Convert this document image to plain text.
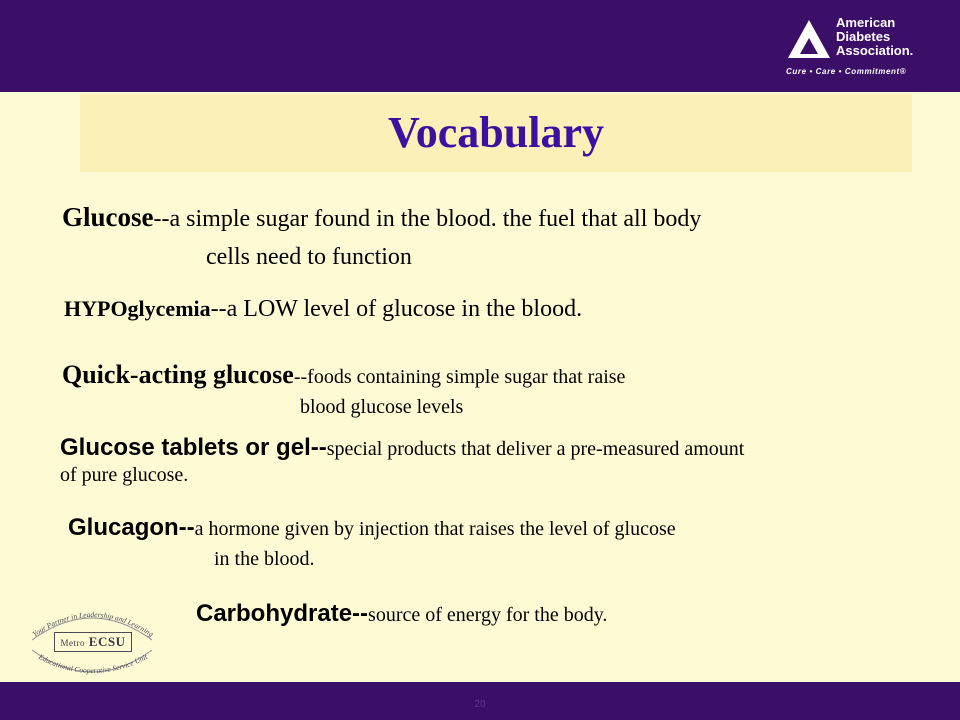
American
Diabetes
Association.
Cure • Care • Commitment®
Vocabulary
Glucose--a simple sugar found in the blood. the fuel that all body
cells need to function
HYPOglycemia--a LOW level of glucose in the blood.
Quick-acting glucose--foods containing simple sugar that raise
blood glucose levels
Glucose tablets or gel--special products that deliver a pre-measured amount
of pure glucose.
Glucagon--a hormone given by injection that raises the level of glucose
in the blood.
Carbohydrate--source of energy for the body.
Your Partner in Leadership and Learning
Educational Cooperative Service Unit
Metro ECSU
20
